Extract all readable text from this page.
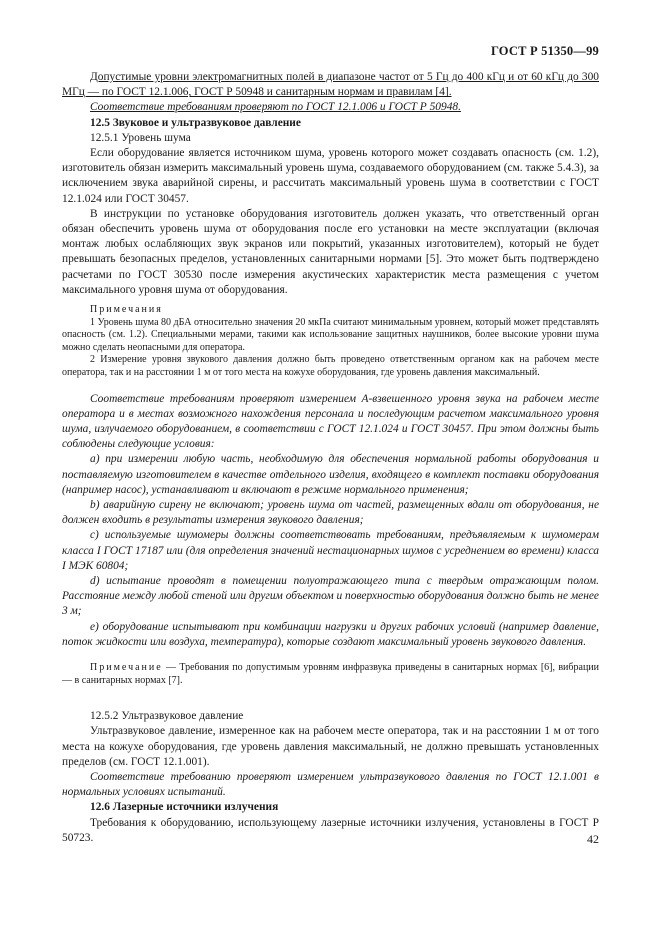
ГОСТ Р 51350—99

Допустимые уровни электромагнитных полей в диапазоне частот от 5 Гц до 400 кГц и от 60 кГц до 300 МГц — по ГОСТ 12.1.006, ГОСТ Р 50948 и санитарным нормам и правилам [4].

Соответствие требованиям проверяют по ГОСТ 12.1.006 и ГОСТ Р 50948.

12.5 Звуковое и ультразвуковое давление

12.5.1 Уровень шума

Если оборудование является источником шума, уровень которого может создавать опасность (см. 1.2), изготовитель обязан измерить максимальный уровень шума, создаваемого оборудованием (см. также 5.4.3), за исключением звука аварийной сирены, и рассчитать максимальный уровень шума в соответствии с ГОСТ 12.1.024 или ГОСТ 30457.

В инструкции по установке оборудования изготовитель должен указать, что ответственный орган обязан обеспечить уровень шума от оборудования после его установки на месте эксплуатации (включая монтаж любых ослабляющих звук экранов или покрытий, указанных изготовителем), который не будет превышать безопасных пределов, установленных санитарными нормами [5]. Это может быть подтверждено расчетами по ГОСТ 30530 после измерения акустических характеристик места размещения с учетом максимального уровня шума от оборудования.

Примечания

1 Уровень шума 80 дБА относительно значения 20 мкПа считают минимальным уровнем, который может представлять опасность (см. 1.2). Специальными мерами, такими как использование защитных наушников, более высокие уровни шума можно сделать неопасными для оператора.

2 Измерение уровня звукового давления должно быть проведено ответственным органом как на рабочем месте оператора, так и на расстоянии 1 м от того места на кожухе оборудования, где уровень давления максимальный.

Соответствие требованиям проверяют измерением А-взвешенного уровня звука на рабочем месте оператора и в местах возможного нахождения персонала и последующим расчетом максимального уровня шума, излучаемого оборудованием, в соответствии с ГОСТ 12.1.024 и ГОСТ 30457. При этом должны быть соблюдены следующие условия:

а) при измерении любую часть, необходимую для обеспечения нормальной работы оборудования и поставляемую изготовителем в качестве отдельного изделия, входящего в комплект поставки оборудования (например насос), устанавливают и включают в режиме нормального применения;

b) аварийную сирену не включают; уровень шума от частей, размещенных вдали от оборудования, не должен входить в результаты измерения звукового давления;

c) используемые шумомеры должны соответствовать требованиям, предъявляемым к шумомерам класса I ГОСТ 17187 или (для определения значений нестационарных шумов с усреднением во времени) класса I МЭК 60804;

d) испытание проводят в помещении полуотражающего типа с твердым отражающим полом. Расстояние между любой стеной или другим объектом и поверхностью оборудования должно быть не менее 3 м;

e) оборудование испытывают при комбинации нагрузки и других рабочих условий (например давление, поток жидкости или воздуха, температура), которые создают максимальный уровень звукового давления.

Примечание — Требования по допустимым уровням инфразвука приведены в санитарных нормах [6], вибрации — в санитарных нормах [7].

12.5.2 Ультразвуковое давление

Ультразвуковое давление, измеренное как на рабочем месте оператора, так и на расстоянии 1 м от того места на кожухе оборудования, где уровень давления максимальный, не должно превышать установленных пределов (см. ГОСТ 12.1.001).

Соответствие требованию проверяют измерением ультразвукового давления по ГОСТ 12.1.001 в нормальных условиях испытаний.

12.6 Лазерные источники излучения

Требования к оборудованию, использующему лазерные источники излучения, установлены в ГОСТ Р 50723.	42
